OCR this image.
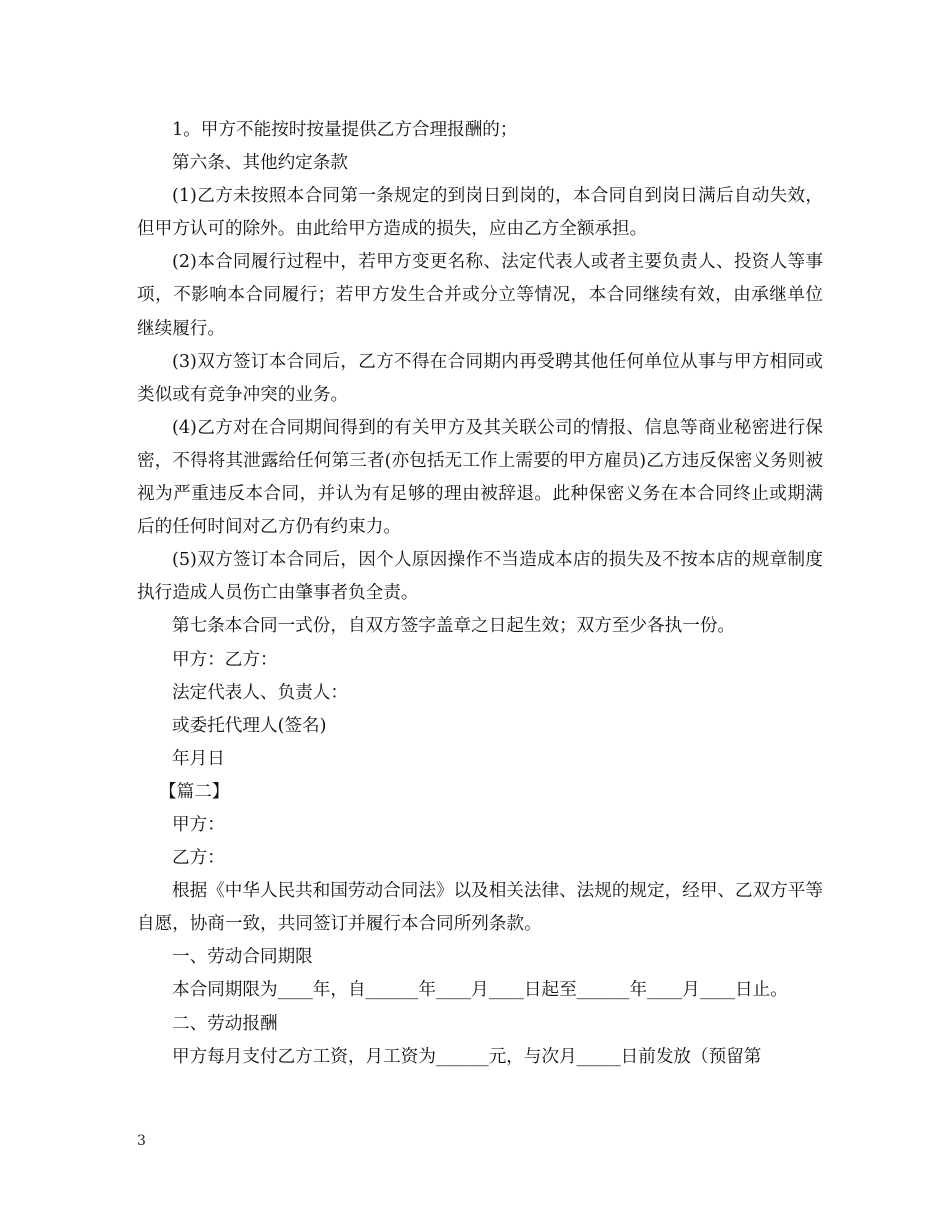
1。甲方不能按时按量提供乙方合理报酬的；

第六条、其他约定条款

(1)乙方未按照本合同第一条规定的到岗日到岗的，本合同自到岗日满后自动失效，但甲方认可的除外。由此给甲方造成的损失，应由乙方全额承担。

(2)本合同履行过程中，若甲方变更名称、法定代表人或者主要负责人、投资人等事项，不影响本合同履行；若甲方发生合并或分立等情况，本合同继续有效，由承继单位继续履行。

(3)双方签订本合同后，乙方不得在合同期内再受聘其他任何单位从事与甲方相同或类似或有竞争冲突的业务。

(4)乙方对在合同期间得到的有关甲方及其关联公司的情报、信息等商业秘密进行保密，不得将其泄露给任何第三者(亦包括无工作上需要的甲方雇员)乙方违反保密义务则被视为严重违反本合同，并认为有足够的理由被辞退。此种保密义务在本合同终止或期满后的任何时间对乙方仍有约束力。

(5)双方签订本合同后，因个人原因操作不当造成本店的损失及不按本店的规章制度执行造成人员伤亡由肇事者负全责。

第七条本合同一式份，自双方签字盖章之日起生效；双方至少各执一份。

甲方：乙方：

法定代表人、负责人：

或委托代理人(签名)

年月日

【篇二】

甲方：

乙方：

根据《中华人民共和国劳动合同法》以及相关法律、法规的规定，经甲、乙双方平等自愿，协商一致，共同签订并履行本合同所列条款。

一、劳动合同期限

本合同期限为____年，自______年____月____日起至______年____月____日止。

二、劳动报酬

甲方每月支付乙方工资，月工资为______元，与次月_____日前发放（预留第

3
